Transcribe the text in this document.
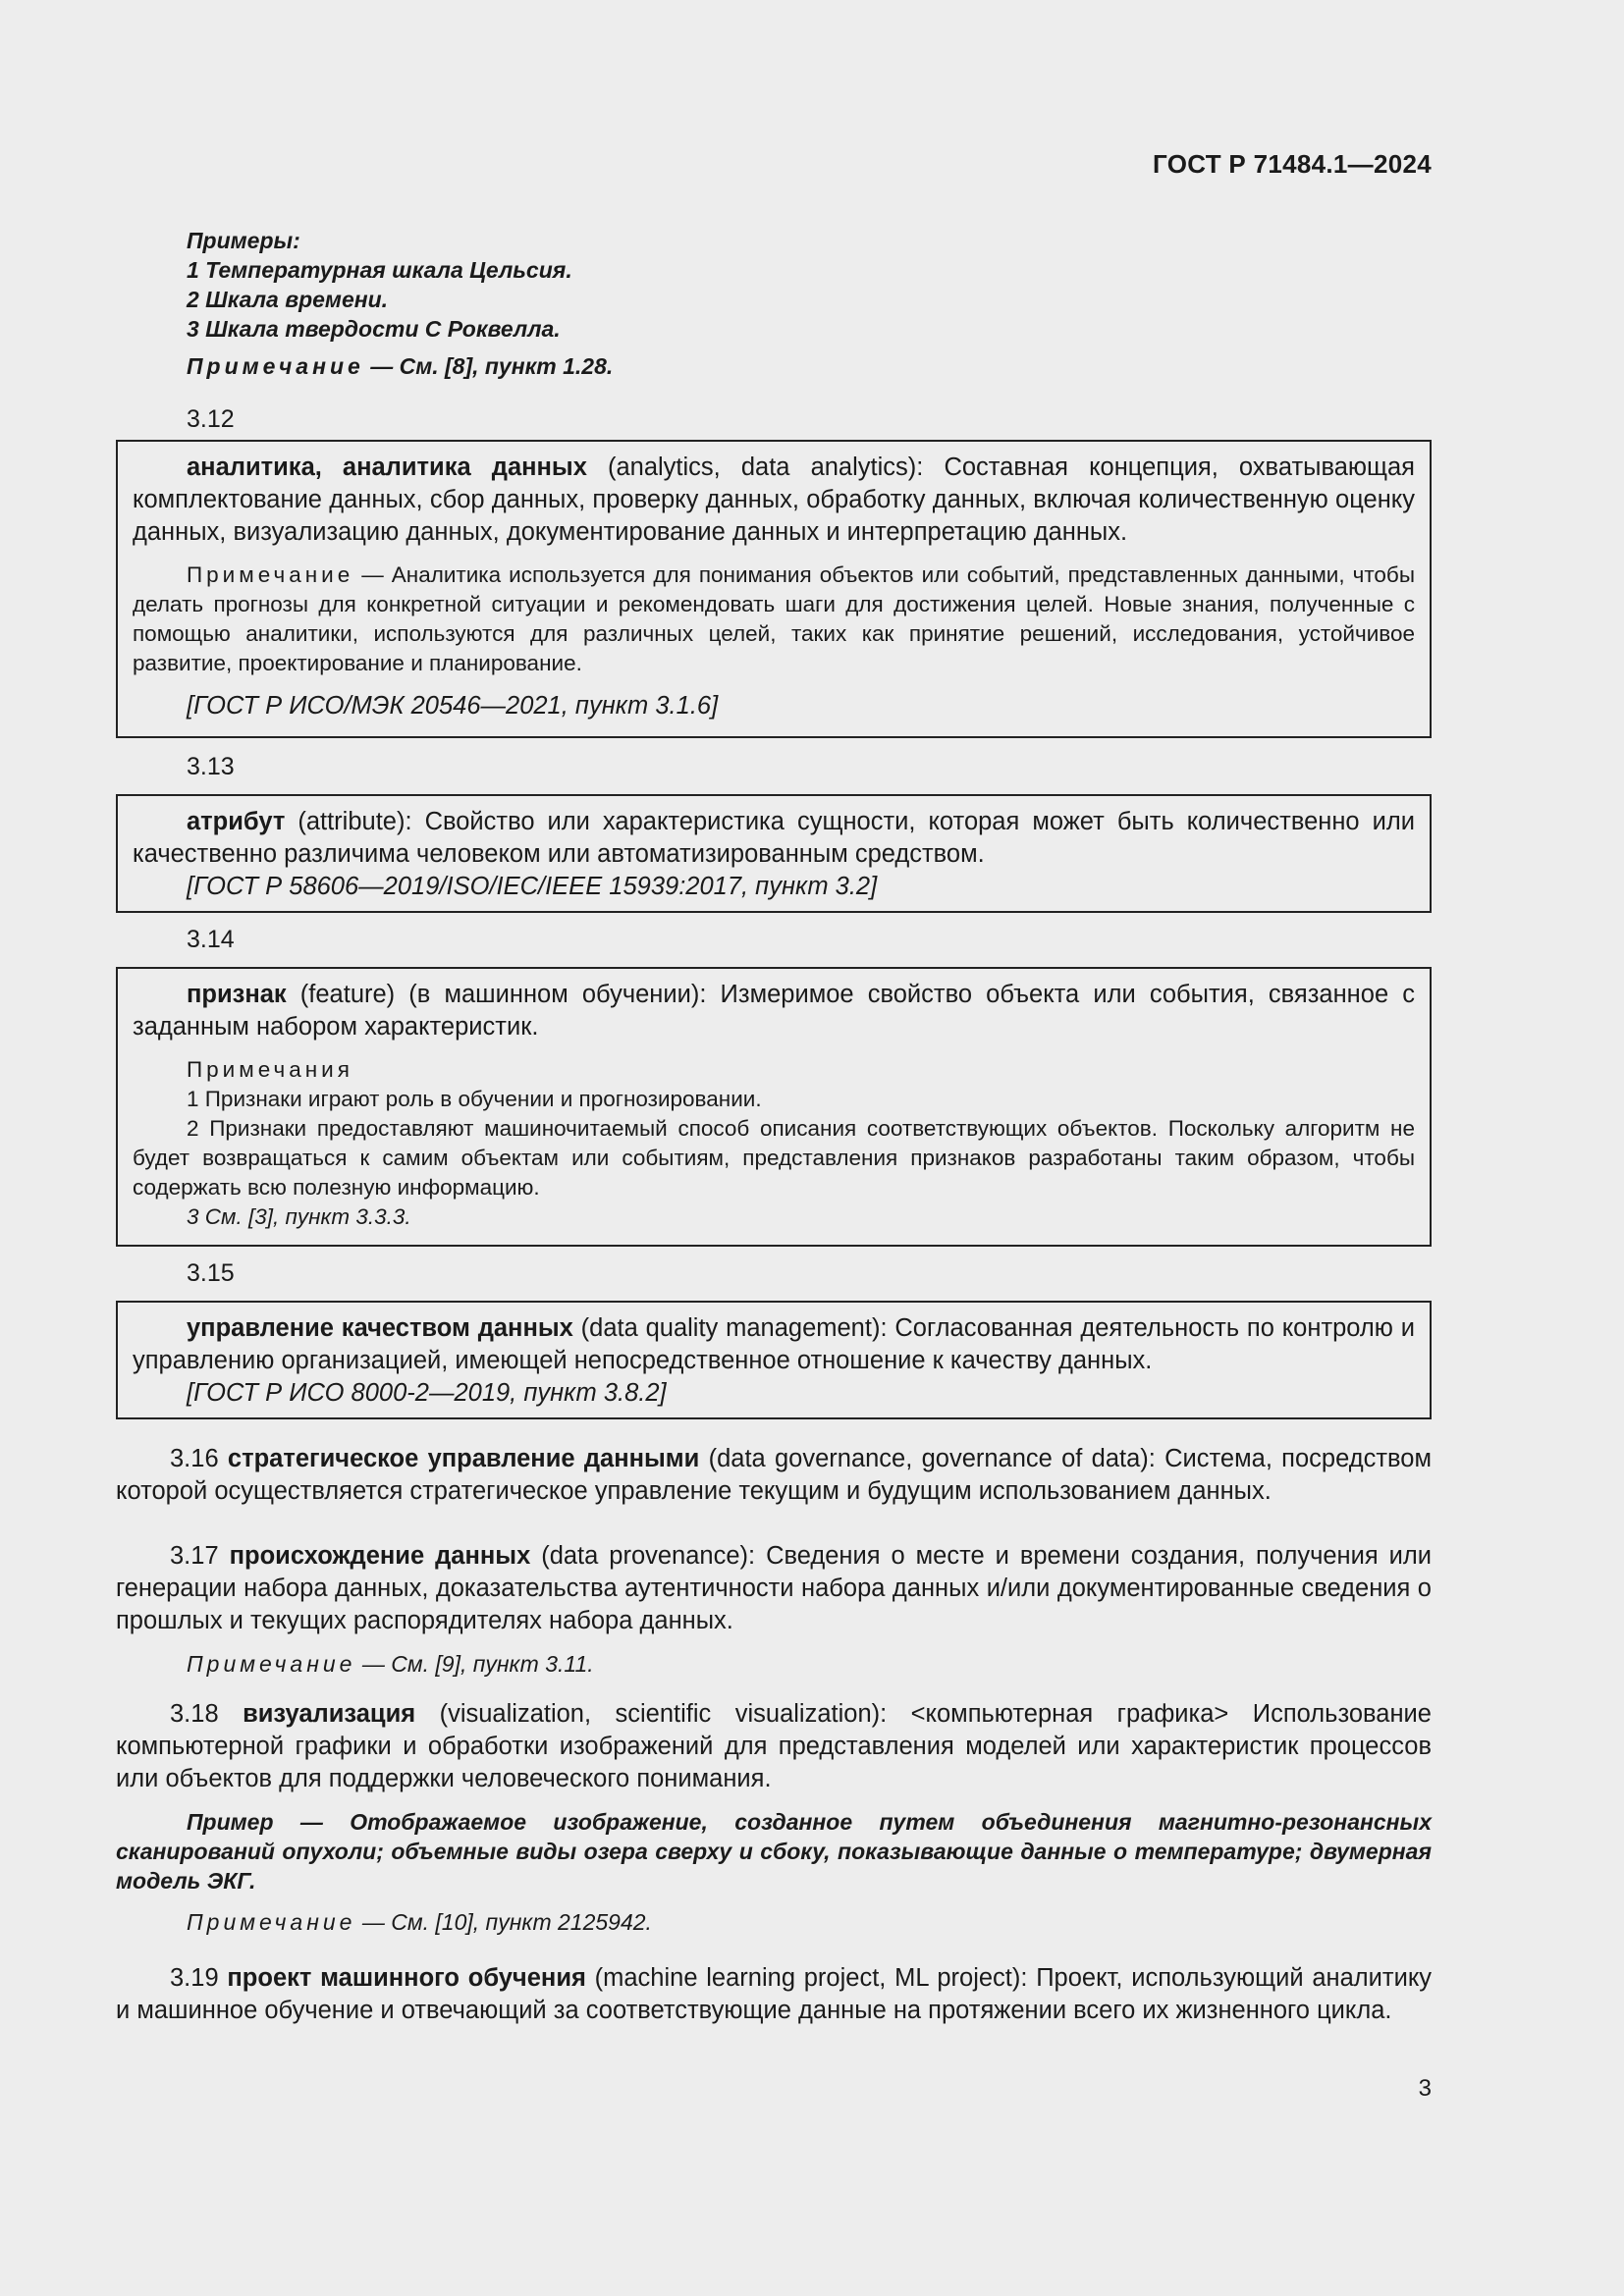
ГОСТ Р 71484.1—2024
Примеры:
1 Температурная шкала Цельсия.
2 Шкала времени.
3 Шкала твердости С Роквелла.
Примечание — См. [8], пункт 1.28.
3.12

аналитика, аналитика данных (analytics, data analytics): Составная концепция, охватывающая комплектование данных, сбор данных, проверку данных, обработку данных, включая количественную оценку данных, визуализацию данных, документирование данных и интерпретацию данных.

Примечание — Аналитика используется для понимания объектов или событий, представленных данными, чтобы делать прогнозы для конкретной ситуации и рекомендовать шаги для достижения целей. Новые знания, полученные с помощью аналитики, используются для различных целей, таких как принятие решений, исследования, устойчивое развитие, проектирование и планирование.

[ГОСТ Р ИСО/МЭК 20546—2021, пункт 3.1.6]
3.13

атрибут (attribute): Свойство или характеристика сущности, которая может быть количественно или качественно различима человеком или автоматизированным средством.

[ГОСТ Р 58606—2019/ISO/IEC/IEEE 15939:2017, пункт 3.2]
3.14

признак (feature) (в машинном обучении): Измеримое свойство объекта или события, связанное с заданным набором характеристик.

Примечания

1 Признаки играют роль в обучении и прогнозировании.

2 Признаки предоставляют машиночитаемый способ описания соответствующих объектов. Поскольку алгоритм не будет возвращаться к самим объектам или событиям, представления признаков разработаны таким образом, чтобы содержать всю полезную информацию.

3 См. [3], пункт 3.3.3.

3.15

управление качеством данных (data quality management): Согласованная деятельность по контролю и управлению организацией, имеющей непосредственное отношение к качеству данных.

[ГОСТ Р ИСО 8000-2—2019, пункт 3.8.2]

3.16 стратегическое управление данными (data governance, governance of data): Система, посредством которой осуществляется стратегическое управление текущим и будущим использованием данных.

3.17 происхождение данных (data provenance): Сведения о месте и времени создания, получения или генерации набора данных, доказательства аутентичности набора данных и/или документированные сведения о прошлых и текущих распорядителях набора данных.

Примечание — См. [9], пункт 3.11.

3.18 визуализация (visualization, scientific visualization): <компьютерная графика> Использование компьютерной графики и обработки изображений для представления моделей или характеристик процессов или объектов для поддержки человеческого понимания.

Пример — Отображаемое изображение, созданное путем объединения магнитно-резонансных сканирований опухоли; объемные виды озера сверху и сбоку, показывающие данные о температуре; двумерная модель ЭКГ.

Примечание — См. [10], пункт 2125942.

3.19 проект машинного обучения (machine learning project, ML project): Проект, использующий аналитику и машинное обучение и отвечающий за соответствующие данные на протяжении всего их жизненного цикла.

3
